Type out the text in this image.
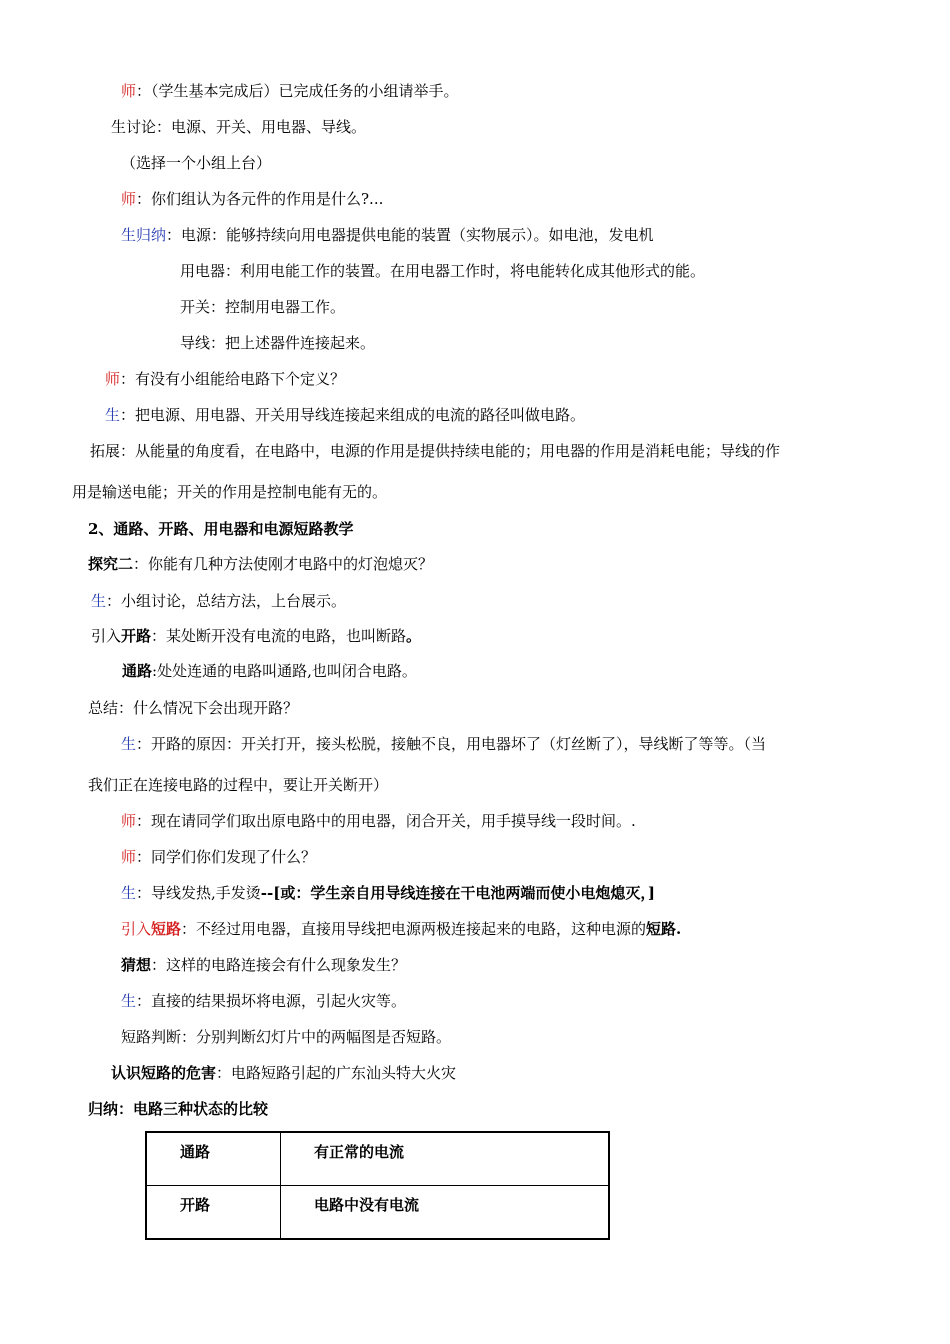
师：（学生基本完成后）已完成任务的小组请举手。
生讨论：电源、开关、用电器、导线。
（选择一个小组上台）
师：你们组认为各元件的作用是什么?...
生归纳：电源：能够持续向用电器提供电能的装置（实物展示）。如电池，发电机
用电器：利用电能工作的装置。在用电器工作时，将电能转化成其他形式的能。
开关：控制用电器工作。
导线：把上述器件连接起来。
师：有没有小组能给电路下个定义？
生：把电源、用电器、开关用导线连接起来组成的电流的路径叫做电路。
拓展：从能量的角度看，在电路中，电源的作用是提供持续电能的；用电器的作用是消耗电能；导线的作
用是输送电能；开关的作用是控制电能有无的。
2、通路、开路、用电器和电源短路教学
探究二：你能有几种方法使刚才电路中的灯泡熄灭？
生：小组讨论，总结方法，上台展示。
引入开路：某处断开没有电流的电路，也叫断路。
通路:处处连通的电路叫通路,也叫闭合电路。
总结：什么情况下会出现开路？
生：开路的原因：开关打开，接头松脱，接触不良，用电器坏了（灯丝断了），导线断了等等。（当
我们正在连接电路的过程中，要让开关断开）
师：现在请同学们取出原电路中的用电器，闭合开关，用手摸导线一段时间。.
师：同学们你们发现了什么？
生：导线发热,手发烫--[或：学生亲自用导线连接在干电池两端而使小电炮熄灭，]
引入短路：不经过用电器，直接用导线把电源两极连接起来的电路，这种电源的短路.
猜想：这样的电路连接会有什么现象发生？
生：直接的结果损坏将电源，引起火灾等。
短路判断：分别判断幻灯片中的两幅图是否短路。
认识短路的危害：电路短路引起的广东汕头特大火灾
归纳：电路三种状态的比较
通路	有正常的电流
开路	电路中没有电流
